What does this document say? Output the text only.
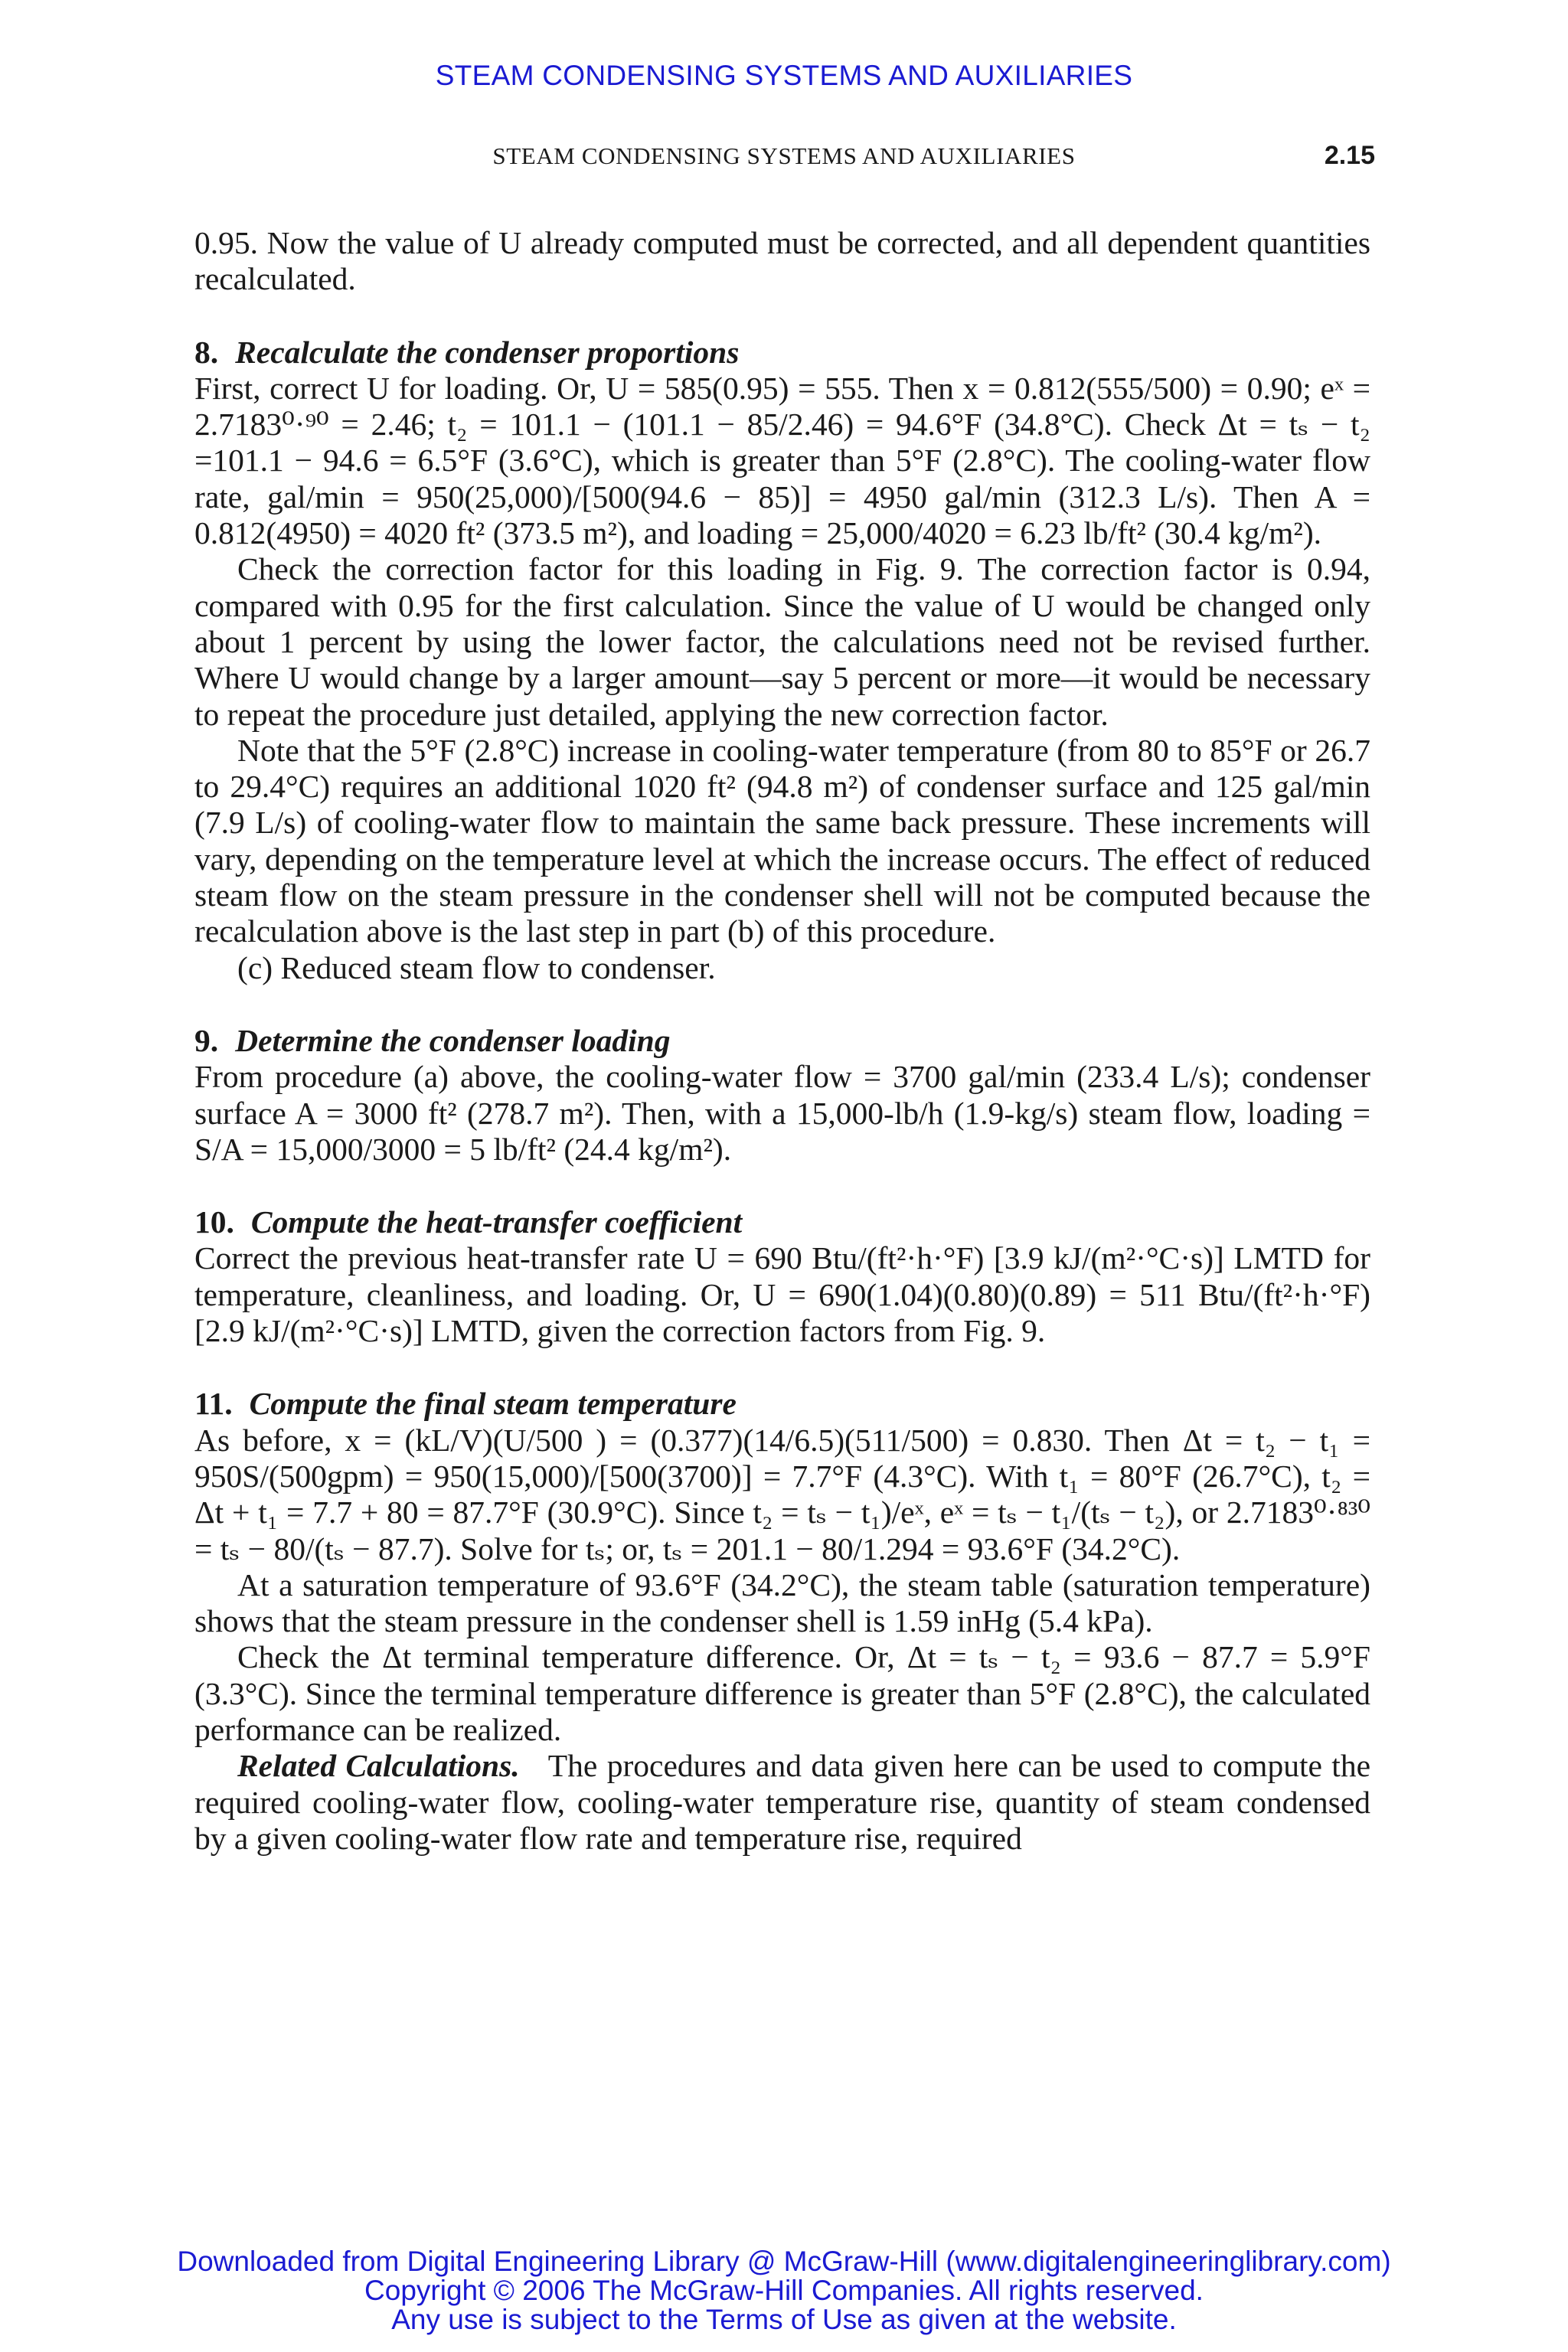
STEAM CONDENSING SYSTEMS AND AUXILIARIES
STEAM CONDENSING SYSTEMS AND AUXILIARIES	2.15

0.95. Now the value of U already computed must be corrected, and all dependent quantities recalculated.

8. Recalculate the condenser proportions

First, correct U for loading. Or, U = 585(0.95) = 555. Then x = 0.812(555/500) = 0.90; eˣ = 2.7183⁰·⁹⁰ = 2.46; t₂ = 101.1 − (101.1 − 85/2.46) = 94.6°F (34.8°C). Check Δt = tₛ − t₂ =101.1 − 94.6 = 6.5°F (3.6°C), which is greater than 5°F (2.8°C). The cooling-water flow rate, gal/min = 950(25,000)/[500(94.6 − 85)] = 4950 gal/min (312.3 L/s). Then A = 0.812(4950) = 4020 ft² (373.5 m²), and loading = 25,000/4020 = 6.23 lb/ft² (30.4 kg/m²).

Check the correction factor for this loading in Fig. 9. The correction factor is 0.94, compared with 0.95 for the first calculation. Since the value of U would be changed only about 1 percent by using the lower factor, the calculations need not be revised further. Where U would change by a larger amount—say 5 percent or more—it would be necessary to repeat the procedure just detailed, applying the new correction factor.

Note that the 5°F (2.8°C) increase in cooling-water temperature (from 80 to 85°F or 26.7 to 29.4°C) requires an additional 1020 ft² (94.8 m²) of condenser surface and 125 gal/min (7.9 L/s) of cooling-water flow to maintain the same back pressure. These increments will vary, depending on the temperature level at which the increase occurs. The effect of reduced steam flow on the steam pressure in the condenser shell will not be computed because the recalculation above is the last step in part (b) of this procedure.

(c) Reduced steam flow to condenser.

9. Determine the condenser loading

From procedure (a) above, the cooling-water flow = 3700 gal/min (233.4 L/s); condenser surface A = 3000 ft² (278.7 m²). Then, with a 15,000-lb/h (1.9-kg/s) steam flow, loading = S/A = 15,000/3000 = 5 lb/ft² (24.4 kg/m²).

10. Compute the heat-transfer coefficient

Correct the previous heat-transfer rate U = 690 Btu/(ft²·h·°F) [3.9 kJ/(m²·°C·s)] LMTD for temperature, cleanliness, and loading. Or, U = 690(1.04)(0.80)(0.89) = 511 Btu/(ft²·h·°F) [2.9 kJ/(m²·°C·s)] LMTD, given the correction factors from Fig. 9.

11. Compute the final steam temperature

As before, x = (kL/V)(U/500 ) = (0.377)(14/6.5)(511/500) = 0.830. Then Δt = t₂ − t₁ = 950S/(500gpm) = 950(15,000)/[500(3700)] = 7.7°F (4.3°C). With t₁ = 80°F (26.7°C), t₂ = Δt + t₁ = 7.7 + 80 = 87.7°F (30.9°C). Since t₂ = tₛ − t₁)/eˣ, eˣ = tₛ − t₁/(tₛ − t₂), or 2.7183⁰·⁸³⁰ = tₛ − 80/(tₛ − 87.7). Solve for tₛ; or, tₛ = 201.1 − 80/1.294 = 93.6°F (34.2°C).

At a saturation temperature of 93.6°F (34.2°C), the steam table (saturation temperature) shows that the steam pressure in the condenser shell is 1.59 inHg (5.4 kPa).

Check the Δt terminal temperature difference. Or, Δt = tₛ − t₂ = 93.6 − 87.7 = 5.9°F (3.3°C). Since the terminal temperature difference is greater than 5°F (2.8°C), the calculated performance can be realized.

Related Calculations. The procedures and data given here can be used to compute the required cooling-water flow, cooling-water temperature rise, quantity of steam condensed by a given cooling-water flow rate and temperature rise, required

Downloaded from Digital Engineering Library @ McGraw-Hill (www.digitalengineeringlibrary.com)
Copyright © 2006 The McGraw-Hill Companies. All rights reserved.
Any use is subject to the Terms of Use as given at the website.
